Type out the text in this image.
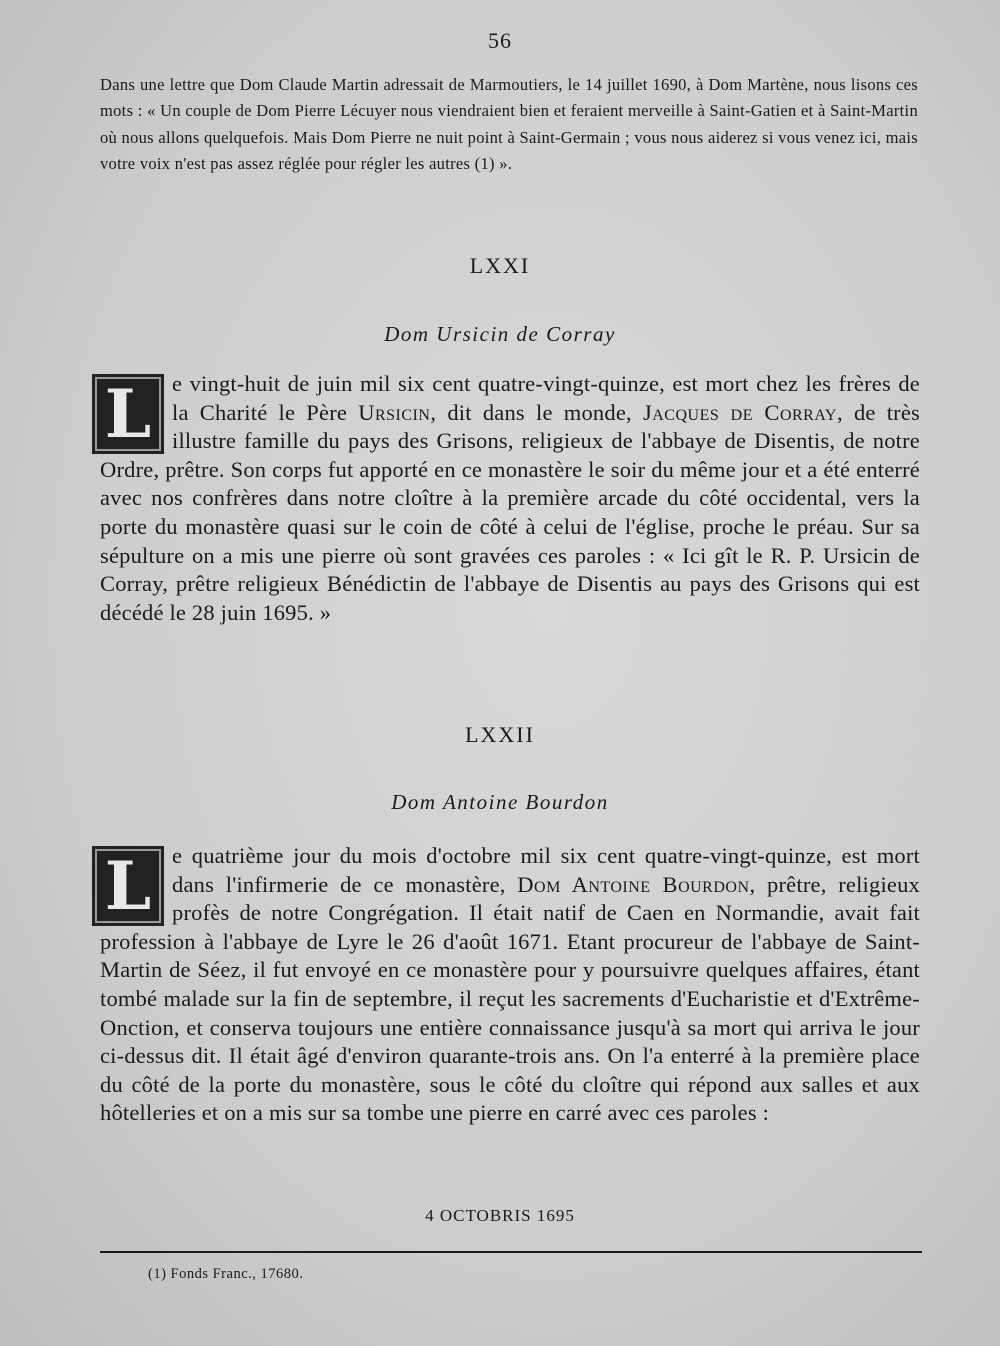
56

Dans une lettre que Dom Claude Martin adressait de Marmoutiers, le 14 juillet 1690, à Dom Martène, nous lisons ces mots : « Un couple de Dom Pierre Lécuyer nous viendraient bien et feraient merveille à Saint-Gatien et à Saint-Martin où nous allons quelquefois. Mais Dom Pierre ne nuit point à Saint-Germain ; vous nous aiderez si vous venez ici, mais votre voix n'est pas assez réglée pour régler les autres (1) ».

LXXI
Dom Ursicin de Corray
L e vingt-huit de juin mil six cent quatre-vingt-quinze, est mort chez les frères de la Charité le Père Ursicin, dit dans le monde, Jacques de Corray, de très illustre famille du pays des Grisons, religieux de l'abbaye de Disentis, de notre Ordre, prêtre. Son corps fut apporté en ce monastère le soir du même jour et a été enterré avec nos confrères dans notre cloître à la première arcade du côté occidental, vers la porte du monastère quasi sur le coin de côté à celui de l'église, proche le préau. Sur sa sépulture on a mis une pierre où sont gravées ces paroles : « Ici gît le R. P. Ursicin de Corray, prêtre religieux Bénédictin de l'abbaye de Disentis au pays des Grisons qui est décédé le 28 juin 1695. »
LXXII
Dom Antoine Bourdon
L e quatrième jour du mois d'octobre mil six cent quatre-vingt-quinze, est mort dans l'infirmerie de ce monastère, Dom Antoine Bourdon, prêtre, religieux profès de notre Congrégation. Il était natif de Caen en Normandie, avait fait profession à l'abbaye de Lyre le 26 d'août 1671. Etant procureur de l'abbaye de Saint-Martin de Séez, il fut envoyé en ce monastère pour y poursuivre quelques affaires, étant tombé malade sur la fin de septembre, il reçut les sacrements d'Eucharistie et d'Extrême-Onction, et conserva toujours une entière connaissance jusqu'à sa mort qui arriva le jour ci-dessus dit. Il était âgé d'environ quarante-trois ans. On l'a enterré à la première place du côté de la porte du monastère, sous le côté du cloître qui répond aux salles et aux hôtelleries et on a mis sur sa tombe une pierre en carré avec ces paroles :
4 OCTOBRIS 1695
(1) Fonds Franc., 17680.
